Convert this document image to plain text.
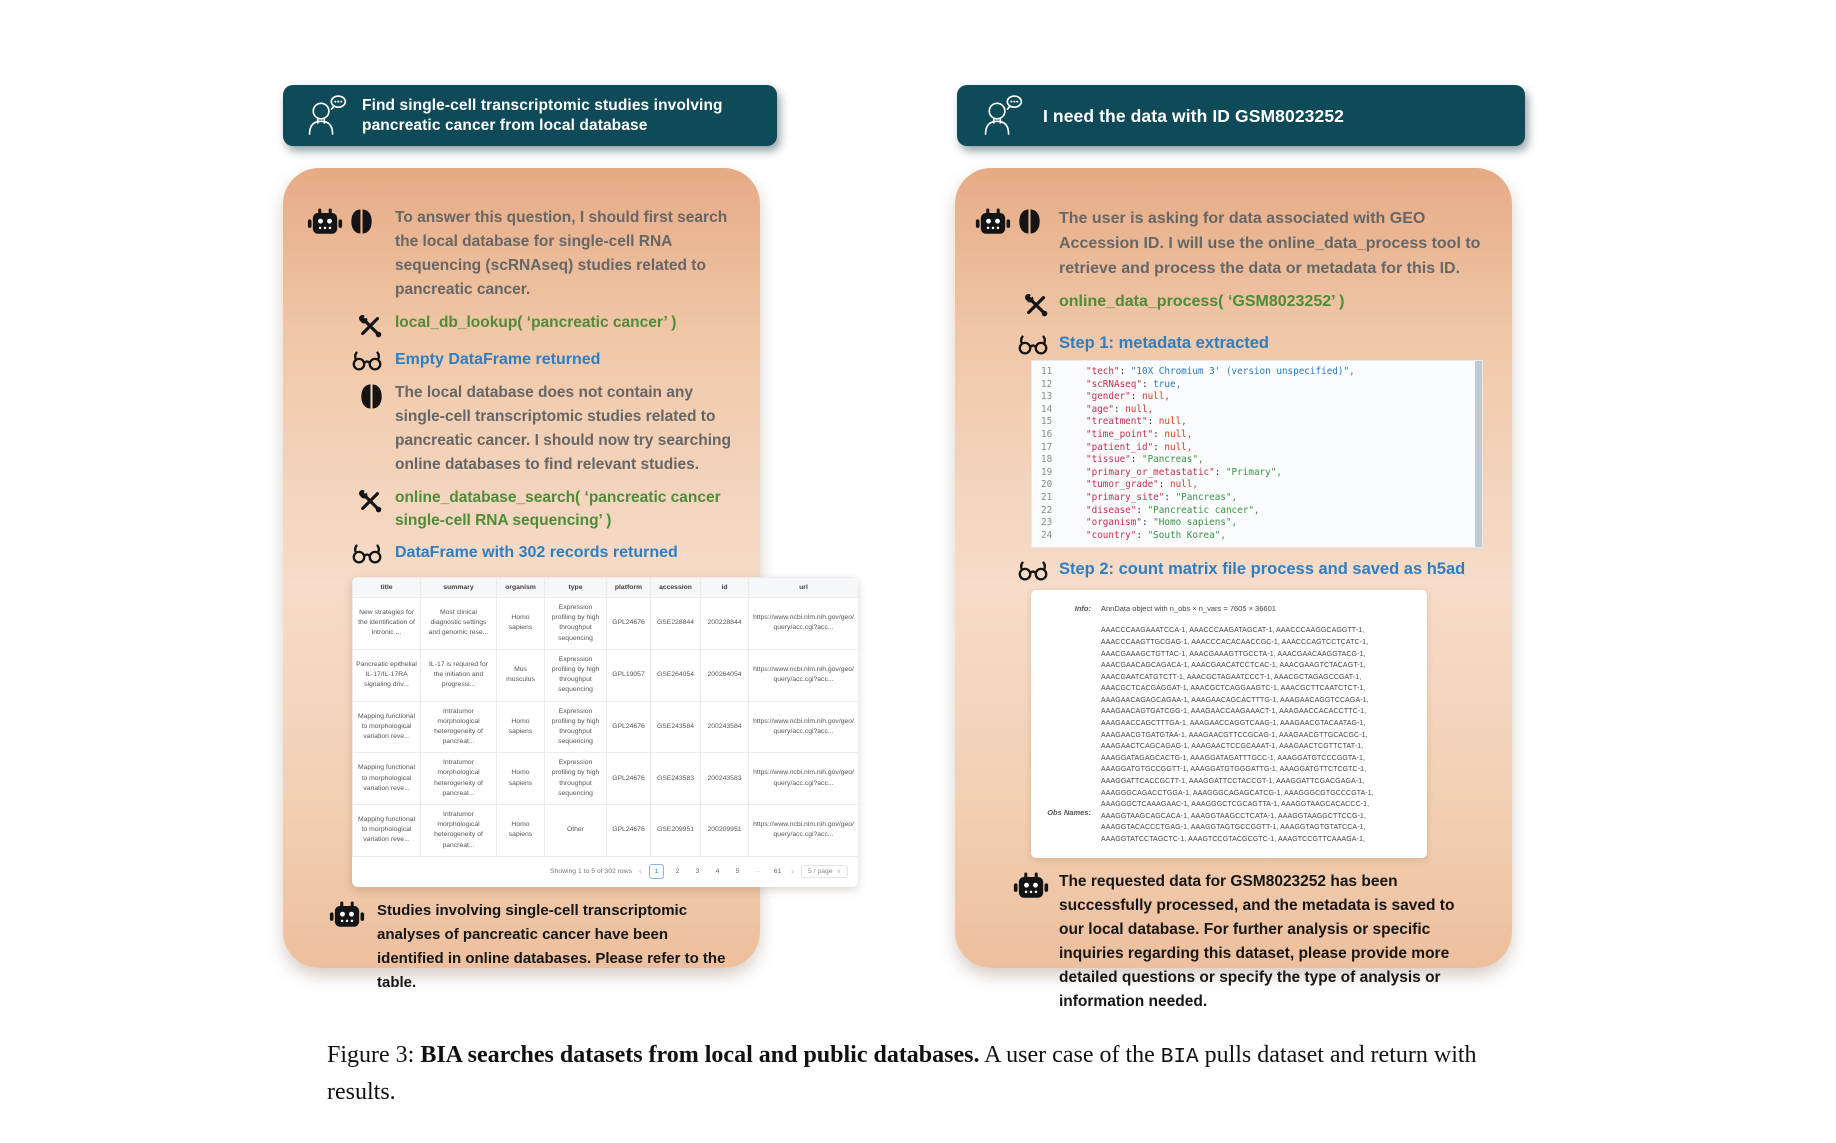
Find single-cell transcriptomic studies involving pancreatic cancer from local database	I need the data with ID GSM8023252
To answer this question, I should first search the local database for single-cell RNA sequencing (scRNAseq) studies related to pancreatic cancer.
local_db_lookup( ‘pancreatic cancer’ )
Empty DataFrame returned
The local database does not contain any single-cell transcriptomic studies related to pancreatic cancer. I should now try searching online databases to find relevant studies.
online_database_search( ‘pancreatic cancer single-cell RNA sequencing’ )
DataFrame with 302 records returned
title	summary	organism	type	platform	accession	id	url
New strategies for the identification of intronic ...	Most clinical diagnostic settings and genomic rese...	Homo sapiens	Expression profiling by high throughput sequencing	GPL24676	GSE228844	200228844	https://www.ncbi.nlm.nih.gov/geo/query/acc.cgi?acc...
Pancreatic epithelial IL-17/IL-17RA signaling driv...	IL-17 is required for the initiation and progressi...	Mus musculus	Expression profiling by high throughput sequencing	GPL19057	GSE264054	200264054	https://www.ncbi.nlm.nih.gov/geo/query/acc.cgi?acc...
Mapping functional to morphological variation reve...	Intratumor morphological heterogeneity of pancreat...	Homo sapiens	Expression profiling by high throughput sequencing	GPL24676	GSE243584	200243584	https://www.ncbi.nlm.nih.gov/geo/query/acc.cgi?acc...
Mapping functional to morphological variation reve...	Intratumor morphological heterogeneity of pancreat...	Homo sapiens	Expression profiling by high throughput sequencing	GPL24676	GSE243583	200243583	https://www.ncbi.nlm.nih.gov/geo/query/acc.cgi?acc...
Mapping functional to morphological variation reve...	Intratumor morphological heterogeneity of pancreat...	Homo sapiens	Other	GPL24676	GSE209951	200209951	https://www.ncbi.nlm.nih.gov/geo/query/acc.cgi?acc...
Showing 1 to 5 of 302 rows ‹	1	2	3	4	5	···	61	›	5 / page ∨
Studies involving single-cell transcriptomic analyses of pancreatic cancer have been identified in online databases. Please refer to the table.
The user is asking for data associated with GEO Accession ID. I will use the online_data_process tool to retrieve and process the data or metadata for this ID.
online_data_process( ‘GSM8023252’ )
Step 1: metadata extracted
11	"tech": "10X Chromium 3' (version unspecified)",
12	"scRNAseq": true,
13	"gender": null,
14	"age": null,
15	"treatment": null,
16	"time_point": null,
17	"patient_id": null,
18	"tissue": "Pancreas",
19	"primary_or_metastatic": "Primary",
20	"tumor_grade": null,
21	"primary_site": "Pancreas",
22	"disease": "Pancreatic cancer",
23	"organism": "Homo sapiens",
24	"country": "South Korea",
Step 2: count matrix file process and saved as h5ad
Info: AnnData object with n_obs × n_vars = 7605 × 36601
Obs Names:
AAACCCAAGAAATCCA-1, AAACCCAAGATAGCAT-1, AAACCCAAGGCAGGTT-1, AAACCCAAGTTGCGAG-1, AAACCCACACAACCGC-1, AAACCCAGTCCTCATC-1, AAACGAAAGCTGTTAC-1, AAACGAAAGTTGCCTA-1, AAACGAACAAGGTACG-1, AAACGAACAGCAGACA-1, AAACGAACATCCTCAC-1, AAACGAAGTCTACAGT-1, AAACGAATCATGTCTT-1, AAACGCTAGAATCCCT-1, AAACGCTAGAGCCGAT-1, AAACGCTCACGAGGAT-1, AAACGCTCAGGAAGTC-1, AAACGCTTCAATCTCT-1, AAAGAACAGAGCAGAA-1, AAAGAACAGCACTTTG-1, AAAGAACAGGTCCAGA-1, AAAGAACAGTGATCGG-1, AAAGAACCAAGAAACT-1, AAAGAACCACACCTTC-1, AAAGAACCAGCTTTGA-1, AAAGAACCAGGTCAAG-1, AAAGAACGTACAATAG-1, AAAGAACGTGATGTAA-1, AAAGAACGTTCCGCAG-1, AAAGAACGTTGCACGC-1, AAAGAACTCAGCAGAG-1, AAAGAACTCCGCAAAT-1, AAAGAACTCGTTCTAT-1, AAAGGATAGAGCACTG-1, AAAGGATAGATTTGCC-1, AAAGGATGTCCCGGTA-1, AAAGGATGTGCCGGTT-1, AAAGGATGTGGGATTG-1, AAAGGATGTTCTCGTC-1, AAAGGATTCACCGCTT-1, AAAGGATTCCTACCGT-1, AAAGGATTCGACGAGA-1, AAAGGGCAGACCTGGA-1, AAAGGGCAGAGCATCG-1, AAAGGGCGTGCCCGTA-1, AAAGGGCTCAAAGAAC-1, AAAGGGCTCGCAGTTA-1, AAAGGTAAGCACACCC-1, AAAGGTAAGCAGCACA-1, AAAGGTAAGCCTCATA-1, AAAGGTAAGGCTTCCG-1, AAAGGTACACCCTGAG-1, AAAGGTAGTGCCGGTT-1, AAAGGTAGTGTATCCA-1, AAAGGTATCCTAGCTC-1, AAAGTCCGTACGCGTC-1, AAAGTCCGTTCAAAGA-1,
The requested data for GSM8023252 has been successfully processed, and the metadata is saved to our local database. For further analysis or specific inquiries regarding this dataset, please provide more detailed questions or specify the type of analysis or information needed.
Figure 3: BIA searches datasets from local and public databases. A user case of the BIA pulls dataset and return with results.
